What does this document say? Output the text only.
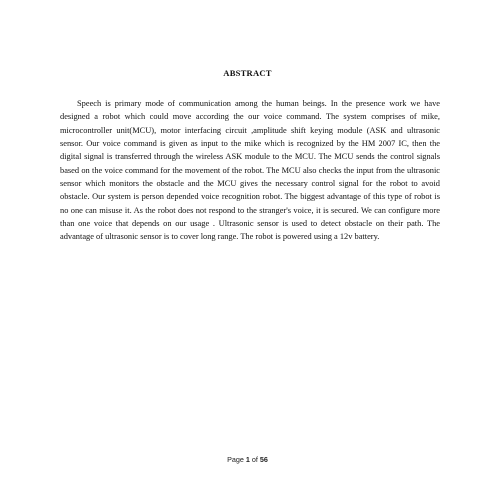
ABSTRACT

Speech is primary mode of communication among the human beings. In the presence work we have designed a robot which could move according the our voice command. The system comprises of mike, microcontroller unit(MCU), motor interfacing circuit ,amplitude shift keying module (ASK and ultrasonic sensor. Our voice command is given as input to the mike which is recognized by the HM 2007 IC, then the digital signal is transferred through the wireless ASK module to the MCU. The MCU sends the control signals based on the voice command for the movement of the robot. The MCU also checks the input from the ultrasonic sensor which monitors the obstacle and the MCU gives the necessary control signal for the robot to avoid obstacle. Our system is person depended voice recognition robot. The biggest advantage of this type of robot is no one can misuse it. As the robot does not respond to the stranger's voice, it is secured. We can configure more than one voice that depends on our usage . Ultrasonic sensor is used to detect obstacle on their path. The advantage of ultrasonic sensor is to cover long range. The robot is powered using a 12v battery.

Page 1 of 56
